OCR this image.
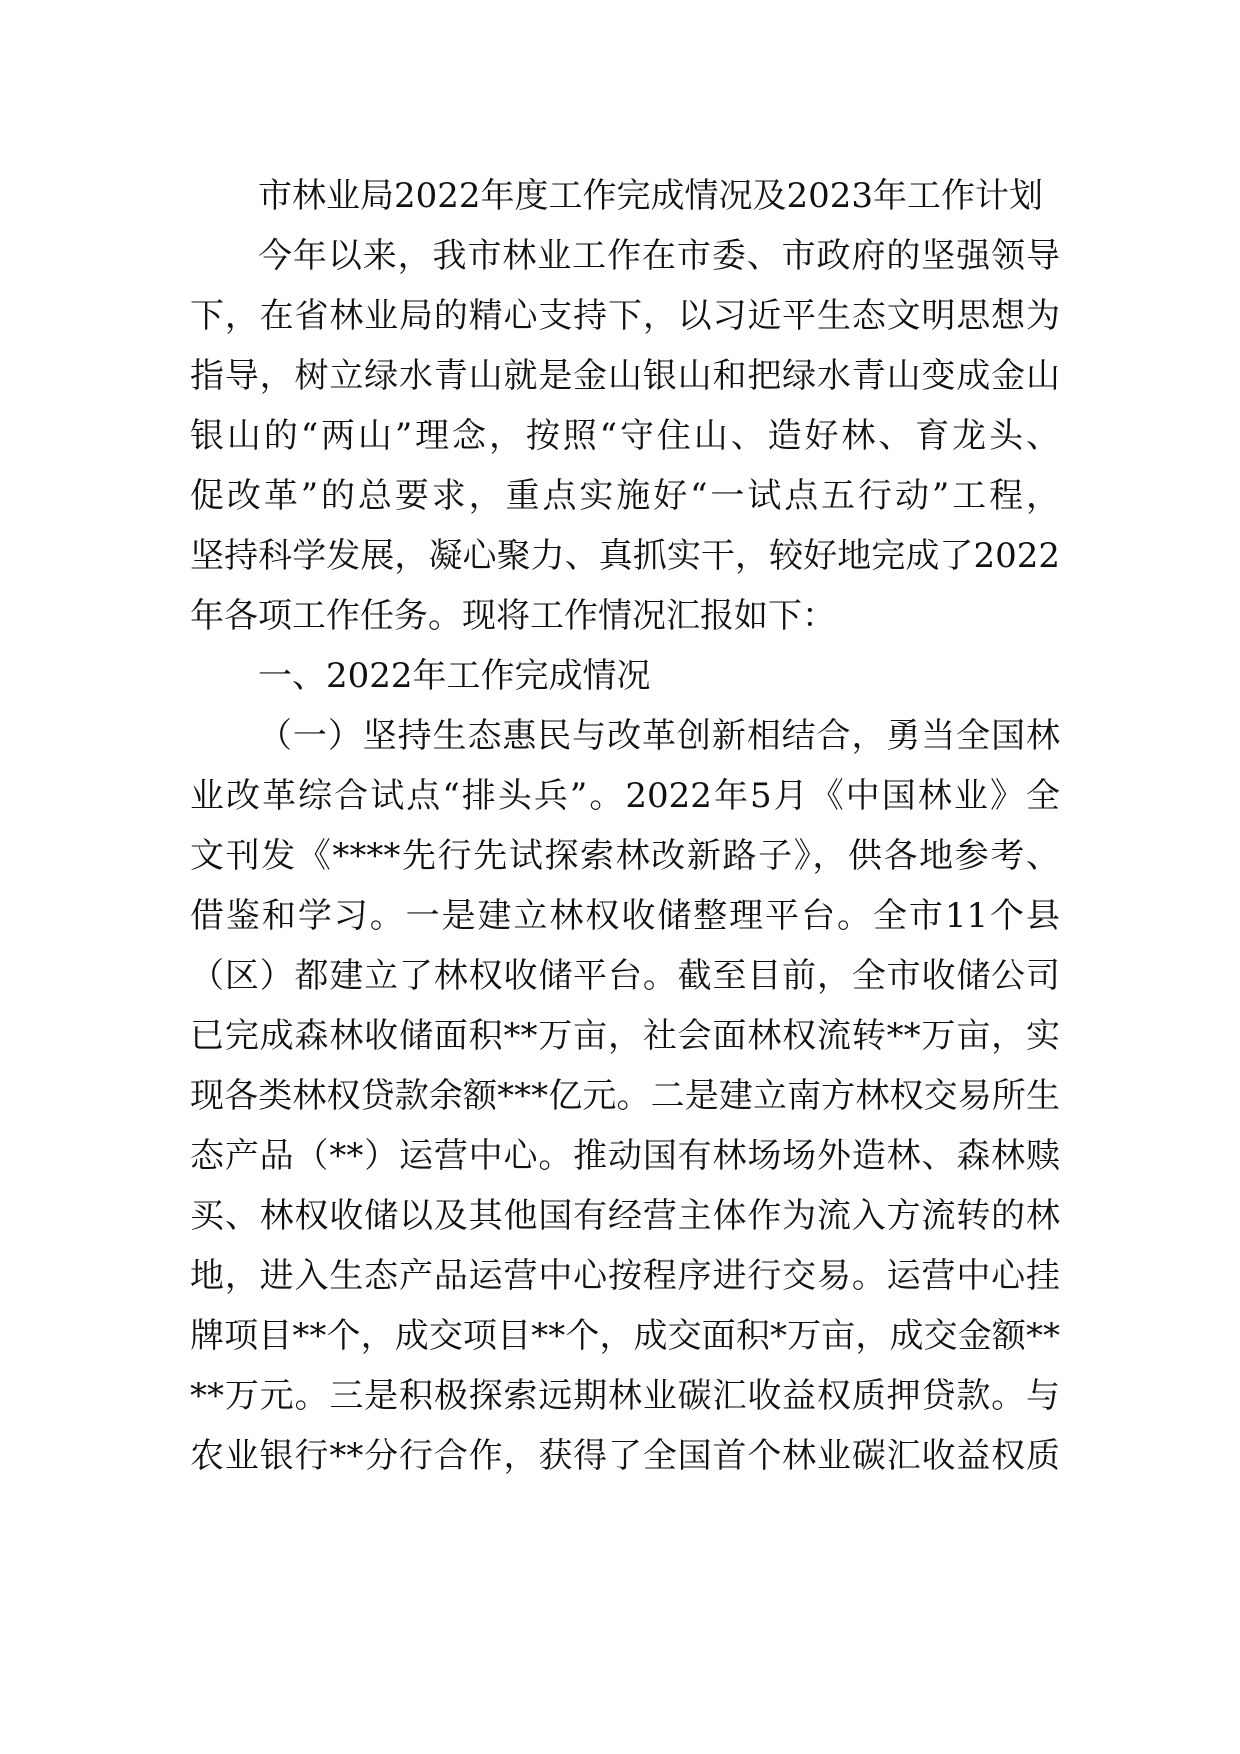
市林业局2022年度工作完成情况及2023年工作计划
今年以来，我市林业工作在市委、市政府的坚强领导
下，在省林业局的精心支持下，以习近平生态文明思想为
指导，树立绿水青山就是金山银山和把绿水青山变成金山
银山的“两山”理念，按照“守住山、造好林、育龙头、
促改革”的总要求，重点实施好“一试点五行动”工程，
坚持科学发展，凝心聚力、真抓实干，较好地完成了2022
年各项工作任务。现将工作情况汇报如下：
一、2022年工作完成情况
（一）坚持生态惠民与改革创新相结合，勇当全国林
业改革综合试点“排头兵”。2022年5月《中国林业》全
文刊发《****先行先试探索林改新路子》，供各地参考、
借鉴和学习。一是建立林权收储整理平台。全市11个县
（区）都建立了林权收储平台。截至目前，全市收储公司
已完成森林收储面积**万亩，社会面林权流转**万亩，实
现各类林权贷款余额***亿元。二是建立南方林权交易所生
态产品（**）运营中心。推动国有林场场外造林、森林赎
买、林权收储以及其他国有经营主体作为流入方流转的林
地，进入生态产品运营中心按程序进行交易。运营中心挂
牌项目**个，成交项目**个，成交面积*万亩，成交金额**
**万元。三是积极探索远期林业碳汇收益权质押贷款。与
农业银行**分行合作，获得了全国首个林业碳汇收益权质
